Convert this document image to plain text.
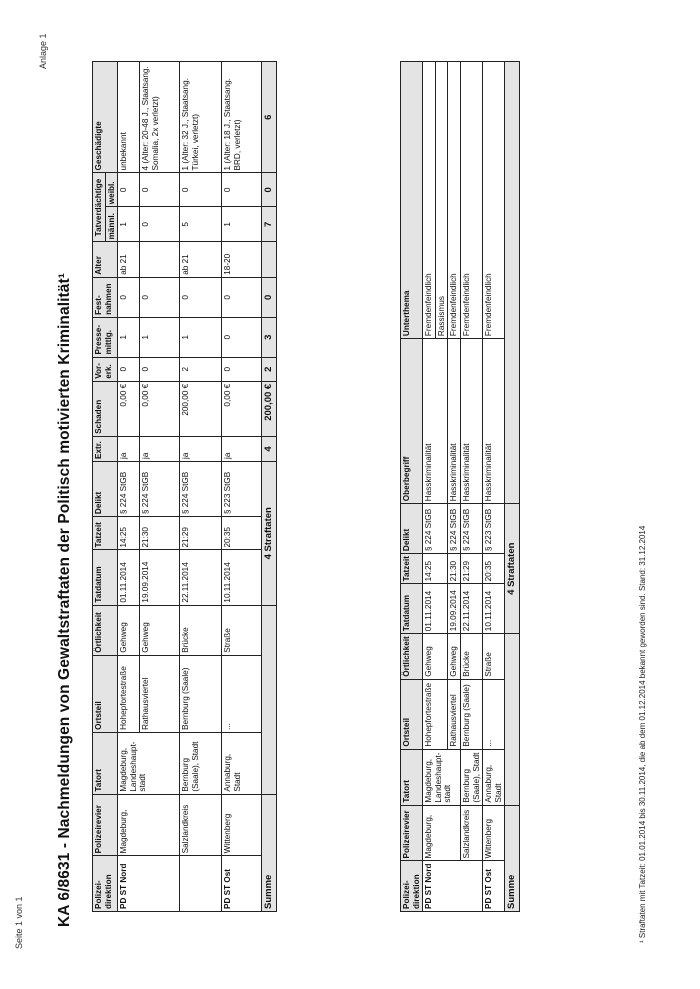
Seite 1 von 1
Anlage 1
KA 6/8631 - Nachmeldungen von Gewaltstraftaten der Politisch motivierten Kriminalität¹	Polizei-direktion	Polizeirevier	Tatort	Ortsteil	Örtlichkeit	Tatdatum	Tatzeit	Delikt	Extr.	Schaden	Vor-erk.	Presse-mittlg.	Fest-nahmen	Alter	Tatverdächtige		Geschädigte
														männl.	weibl.	
PD ST Nord	Magdeburg,	Magdeburg, Landeshaupt-stadt	Hohepfortestraße	Gehweg	01.11.2014	14:25	§ 224 StGB	ja	0,00 €	0	1	0	ab 21	1	0	unbekannt
			Rathausviertel	Gehweg	19.09.2014	21:30	§ 224 StGB	ja	0,00 €	0	1	0		0	0	4 (Alter: 20-48 J., Staatsang. Somalia, 2x verletzt)
	Salzlandkreis	Bernburg (Saale), Stadt	Bernburg (Saale)	Brücke	22.11.2014	21:29	§ 224 StGB	ja	200,00 €	2	1	0	ab 21	5	0	1 (Alter: 32 J., Staatsang. Türkei, verletzt)
PD ST Ost	Wittenberg	Annaburg, Stadt	...	Straße	10.11.2014	20:35	§ 223 StGB	ja	0,00 €	0	0	0	18-20	1	0	1 (Alter: 18 J., Staatsang. BRD, verletzt)
Summe					4 Straftaten			4	200,00 €	2	3	0		7	0	6
Polizei-direktion	Polizeirevier	Tatort	Ortsteil	Örtlichkeit	Tatdatum	Tatzeit	Delikt	Oberbegriff	Unterthema
PD ST Nord	Magdeburg,	Magdeburg, Landeshaupt-stadt	Hohepfortestraße	Gehweg	01.11.2014	14:25	§ 224 StGB	Hasskriminalität	Fremdenfeindlich
									Rassismus
			Rathausviertel	Gehweg	19.09.2014	21:30	§ 224 StGB	Hasskriminalität	Fremdenfeindlich
	Salzlandkreis	Bernburg (Saale), Stadt	Bernburg (Saale)	Brücke	22.11.2014	21:29	§ 224 StGB	Hasskriminalität	Fremdenfeindlich
PD ST Ost	Wittenberg	Annaburg, Stadt	...	Straße	10.11.2014	20:35	§ 223 StGB	Hasskriminalität	Fremdenfeindlich
Summe					4 Straftaten					¹ Straftaten mit Tatzeit: 01.01.2014 bis 30.11.2014, die ab dem 01.12.2014 bekannt geworden sind. Stand: 31.12.2014
